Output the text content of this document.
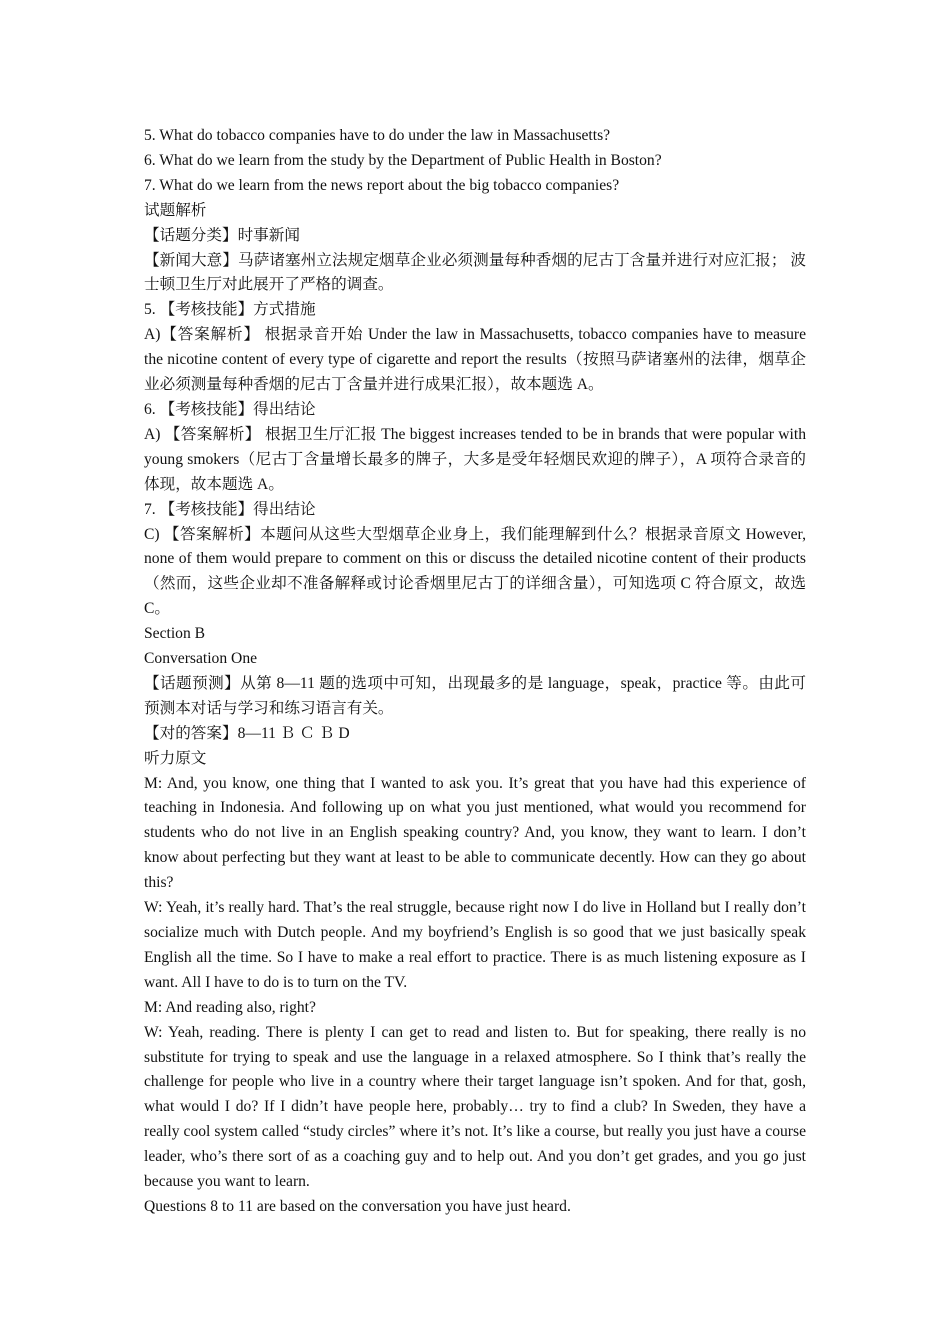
5. What do tobacco companies have to do under the law in Massachusetts?

6. What do we learn from the study by the Department of Public Health in Boston?

7. What do we learn from the news report about the big tobacco companies?

试题解析

【话题分类】时事新闻

【新闻大意】马萨诸塞州立法规定烟草企业必须测量每种香烟的尼古丁含量并进行对应汇报； 波士顿卫生厅对此展开了严格的调查。

5. 【考核技能】方式措施

A)【答案解析】 根据录音开始 Under the law in Massachusetts, tobacco companies have to measure the nicotine content of every type of cigarette and report the results（按照马萨诸塞州的法律，烟草企业必须测量每种香烟的尼古丁含量并进行成果汇报），故本题选 A。

6. 【考核技能】得出结论

A) 【答案解析】 根据卫生厅汇报 The biggest increases tended to be in brands that were popular with young smokers（尼古丁含量增长最多的牌子，大多是受年轻烟民欢迎的牌子），A 项符合录音的体现，故本题选 A。

7. 【考核技能】得出结论

C) 【答案解析】本题问从这些大型烟草企业身上，我们能理解到什么？根据录音原文 However, none of them would prepare to comment on this or discuss the detailed nicotine content of their products（然而，这些企业却不准备解释或讨论香烟里尼古丁的详细含量），可知选项 C 符合原文，故选 C。

Section B

Conversation One

【话题预测】从第 8—11 题的选项中可知，出现最多的是 language，speak，practice 等。由此可预测本对话与学习和练习语言有关。

【对的答案】8—11 Ｂ Ｃ Ｂ D

听力原文

M: And, you know, one thing that I wanted to ask you. It’s great that you have had this experience of teaching in Indonesia. And following up on what you just mentioned, what would you recommend for students who do not live in an English speaking country? And, you know, they want to learn. I don’t know about perfecting but they want at least to be able to communicate decently. How can they go about this?

W: Yeah, it’s really hard. That’s the real struggle, because right now I do live in Holland but I really don’t socialize much with Dutch people. And my boyfriend’s English is so good that we just basically speak English all the time. So I have to make a real effort to practice. There is as much listening exposure as I want. All I have to do is to turn on the TV.

M: And reading also, right?

W: Yeah, reading. There is plenty I can get to read and listen to. But for speaking, there really is no substitute for trying to speak and use the language in a relaxed atmosphere. So I think that’s really the challenge for people who live in a country where their target language isn’t spoken. And for that, gosh, what would I do? If I didn’t have people here, probably… try to find a club? In Sweden, they have a really cool system called “study circles” where it’s not. It’s like a course, but really you just have a course leader, who’s there sort of as a coaching guy and to help out. And you don’t get grades, and you go just because you want to learn.

Questions 8 to 11 are based on the conversation you have just heard.
